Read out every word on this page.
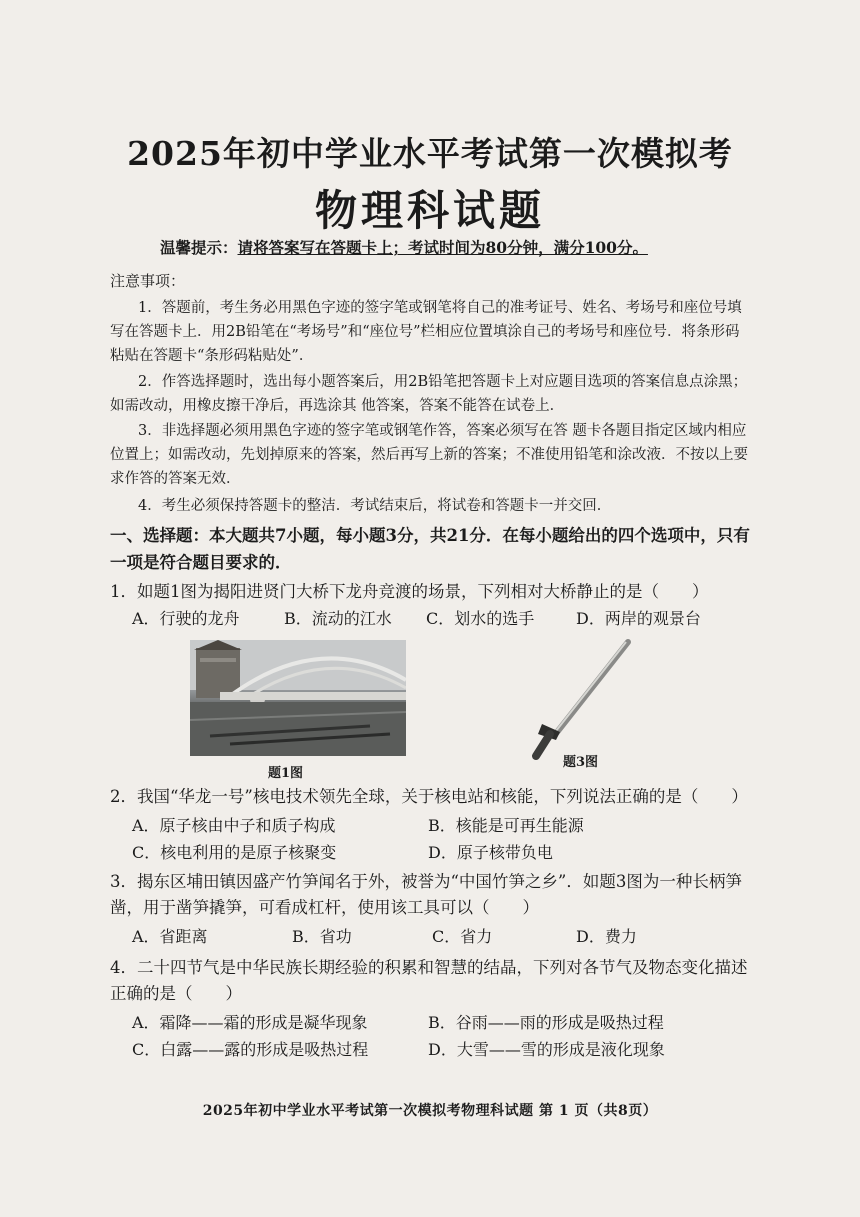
2025年初中学业水平考试第一次模拟考
物理科试题
温馨提示：请将答案写在答题卡上；考试时间为80分钟，满分100分。
注意事项：
1．答题前，考生务必用黑色字迹的签字笔或钢笔将自己的准考证号、姓名、考场号和座位号填写在答题卡上．用2B铅笔在“考场号”和“座位号”栏相应位置填涂自己的考场号和座位号．将条形码粘贴在答题卡“条形码粘贴处”．
2．作答选择题时，选出每小题答案后，用2B铅笔把答题卡上对应题目选项的答案信息点涂黑；如需改动，用橡皮擦干净后，再选涂其 他答案，答案不能答在试卷上．
3．非选择题必须用黑色字迹的签字笔或钢笔作答，答案必须写在答 题卡各题目指定区域内相应位置上；如需改动，先划掉原来的答案，然后再写上新的答案；不准使用铅笔和涂改液．不按以上要求作答的答案无效．
4．考生必须保持答题卡的整洁．考试结束后，将试卷和答题卡一并交回．
一、选择题：本大题共7小题，每小题3分，共21分．在每小题给出的四个选项中，只有一项是符合题目要求的．
1．如题1图为揭阳进贤门大桥下龙舟竞渡的场景，下列相对大桥静止的是（　　）
A．行驶的龙舟	B．流动的江水 C．划水的选手	D．两岸的观景台
题1图
题3图
2．我国“华龙一号”核电技术领先全球，关于核电站和核能，下列说法正确的是（　　）
A．原子核由中子和质子构成	B．核能是可再生能源
C．核电利用的是原子核聚变	D．原子核带负电
3．揭东区埔田镇因盛产竹笋闻名于外，被誉为“中国竹笋之乡”．如题3图为一种长柄笋凿，用于凿笋撬笋，可看成杠杆，使用该工具可以（　　）
A．省距离	B．省功	C．省力	D．费力
4．二十四节气是中华民族长期经验的积累和智慧的结晶，下列对各节气及物态变化描述正确的是（　　）
A．霜降——霜的形成是凝华现象	B．谷雨——雨的形成是吸热过程
C．白露——露的形成是吸热过程	D．大雪——雪的形成是液化现象
2025年初中学业水平考试第一次模拟考物理科试题 第 1 页（共8页）
